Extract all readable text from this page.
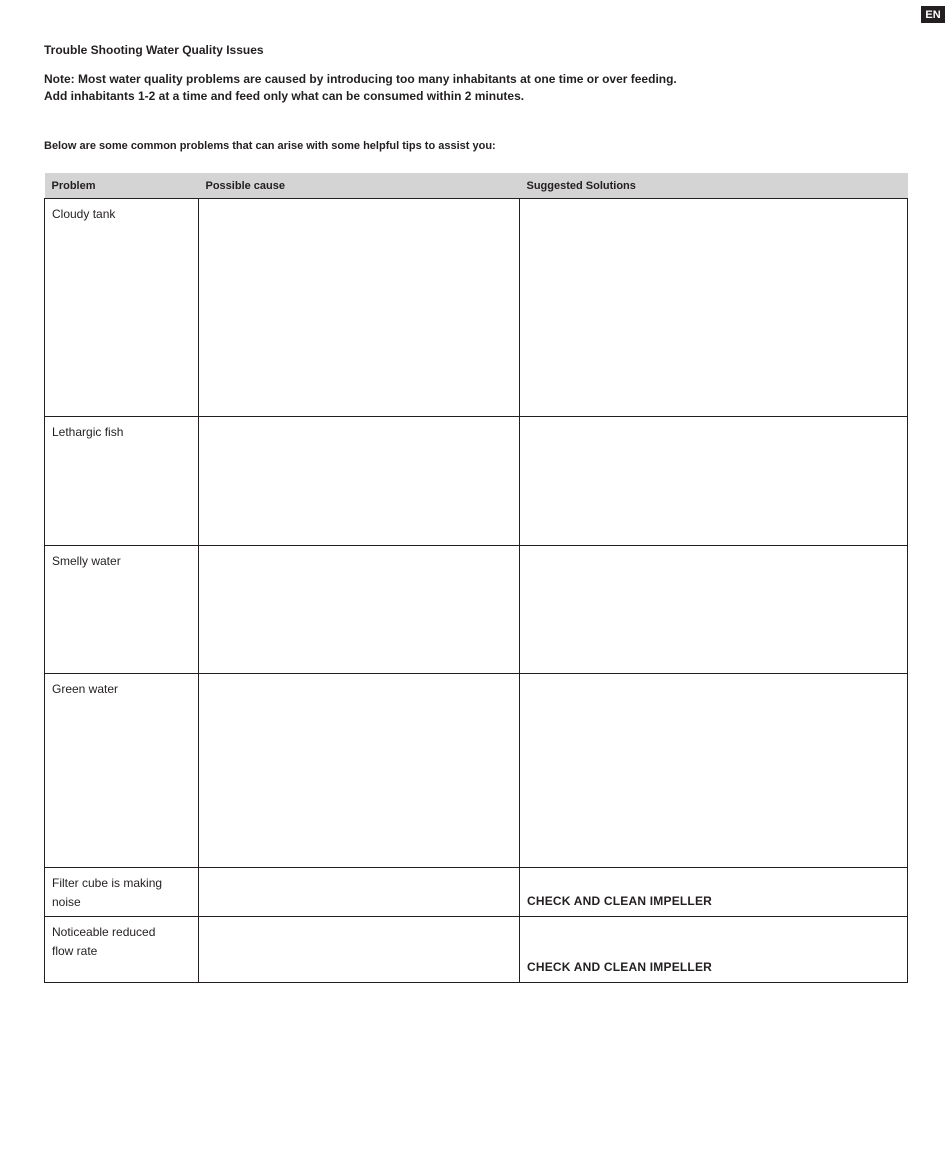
EN
Trouble Shooting Water Quality Issues
Note: Most water quality problems are caused by introducing too many inhabitants at one time or over feeding.
Add inhabitants 1-2 at a time and feed only what can be consumed within 2 minutes.
Below are some common problems that can arise with some helpful tips to assist you:
Problem	Possible cause	Suggested Solutions
Cloudy tank		

Lethargic fish		

Smelly water		

Green water		

Filter cube is making noise		CHECK AND CLEAN IMPELLER

Noticeable reduced flow rate		CHECK AND CLEAN IMPELLER
